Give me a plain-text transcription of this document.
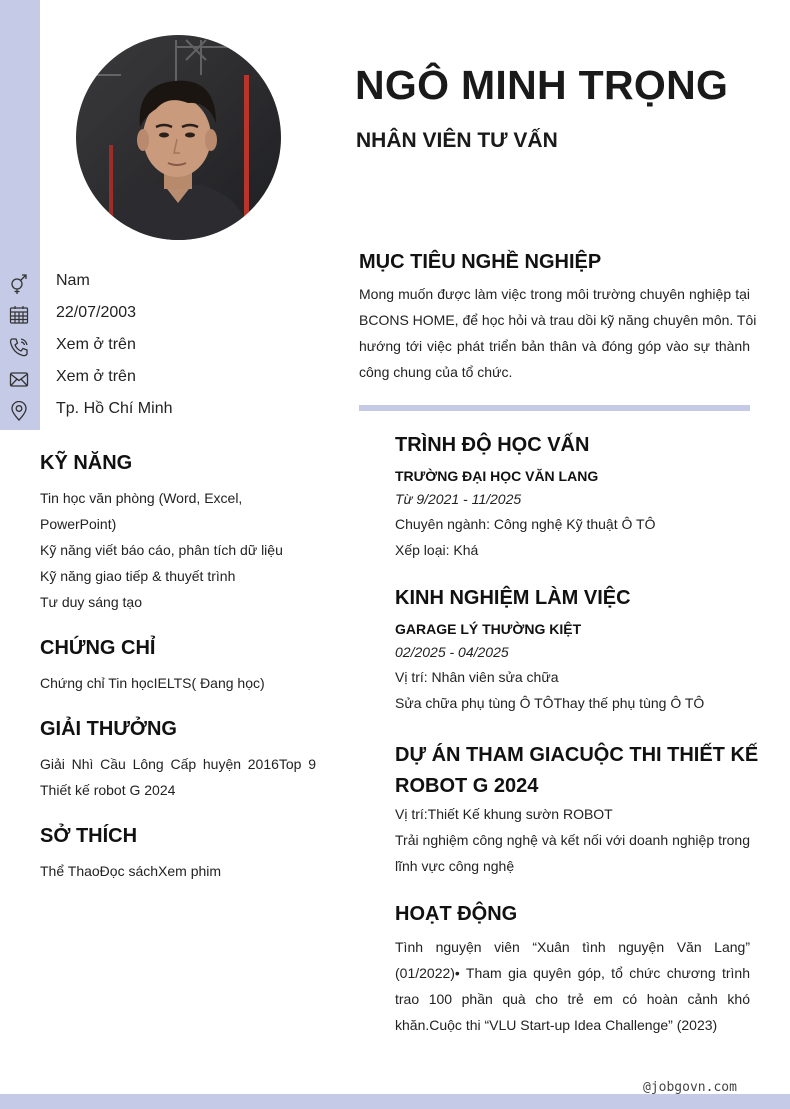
NGÔ MINH TRỌNG
NHÂN VIÊN TƯ VẤN
Nam
22/07/2003
Xem ở trên
Xem ở trên
Tp. Hồ Chí Minh
KỸ NĂNG
Tin học văn phòng (Word, Excel,
PowerPoint)
Kỹ năng viết báo cáo, phân tích dữ liệu
Kỹ năng giao tiếp & thuyết trình
Tư duy sáng tạo
CHỨNG CHỈ
Chứng chỉ Tin họcIELTS( Đang học)
GIẢI THƯỞNG
Giải Nhì Cầu Lông Cấp huyện 2016Top 9
Thiết kế robot G 2024
SỞ THÍCH
Thể ThaoĐọc sáchXem phim
MỤC TIÊU NGHỀ NGHIỆP
Mong muốn được làm việc trong môi trường chuyên nghiệp tại
BCONS HOME, để học hỏi và trau dồi kỹ năng chuyên môn. Tôi
hướng tới việc phát triển bản thân và đóng góp vào sự thành
công chung của tổ chức.
TRÌNH ĐỘ HỌC VẤN
TRƯỜNG ĐẠI HỌC VĂN LANG
Từ 9/2021 - 11/2025
Chuyên ngành: Công nghệ Kỹ thuật Ô TÔ
Xếp loại: Khá
KINH NGHIỆM LÀM VIỆC
GARAGE LÝ THƯỜNG KIỆT
02/2025 - 04/2025
Vị trí: Nhân viên sửa chữa
Sửa chữa phụ tùng Ô TÔThay thế phụ tùng Ô TÔ
DỰ ÁN THAM GIACUỘC THI THIẾT KẾ
ROBOT G 2024
Vị trí:Thiết Kế khung sườn ROBOT
Trải nghiệm công nghệ và kết nối với doanh nghiệp trong
lĩnh vực công nghệ
HOẠT ĐỘNG
Tình nguyện viên “Xuân tình nguyện Văn Lang”
(01/2022)• Tham gia quyên góp, tổ chức chương trình
trao 100 phần quà cho trẻ em có hoàn cảnh khó
khăn.Cuộc thi “VLU Start-up Idea Challenge” (2023)
@jobgovn.com
